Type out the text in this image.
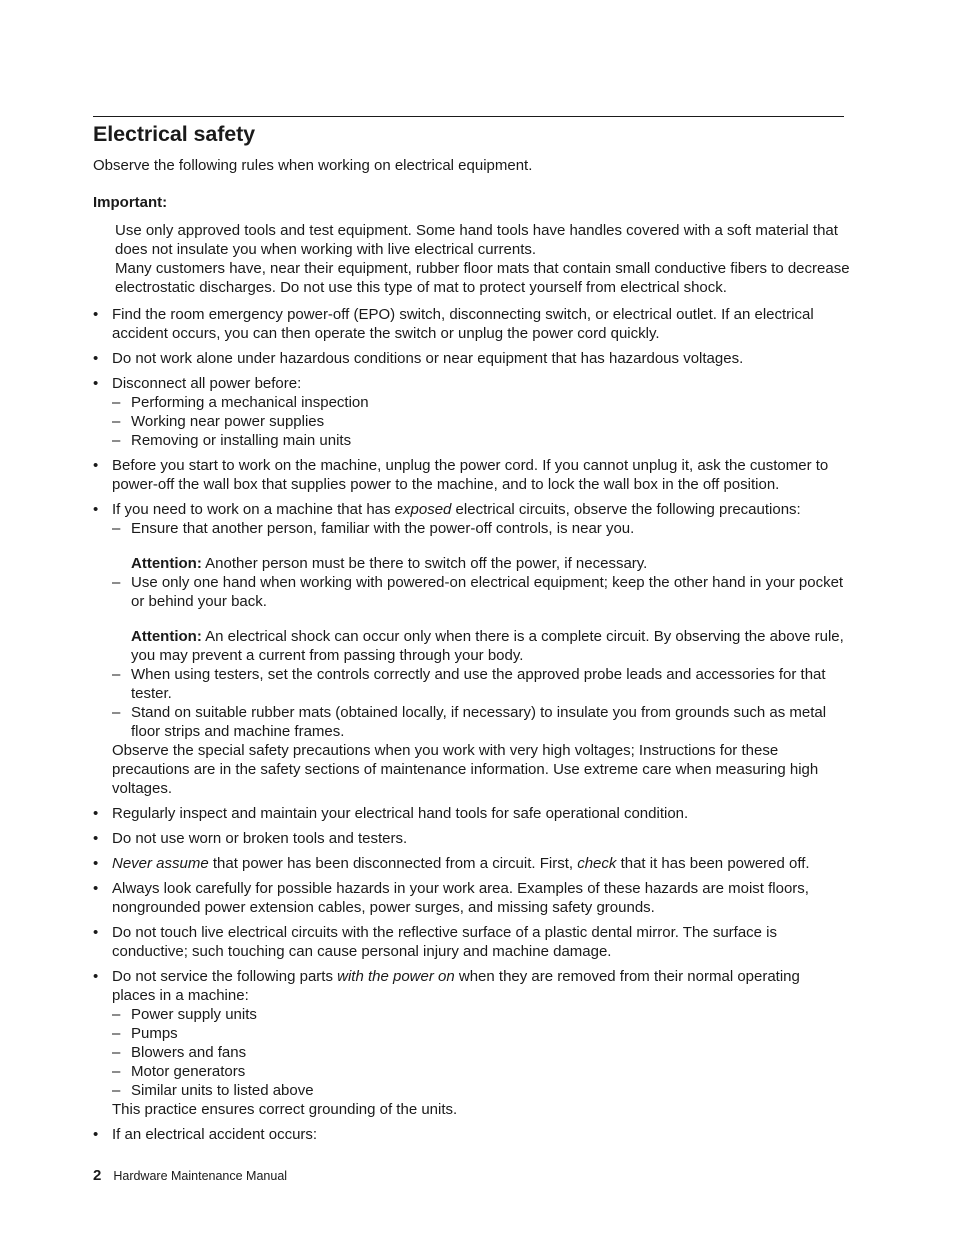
Electrical safety

Observe the following rules when working on electrical equipment.

Important:

Use only approved tools and test equipment. Some hand tools have handles covered with a soft material that does not insulate you when working with live electrical currents.

Many customers have, near their equipment, rubber floor mats that contain small conductive fibers to decrease electrostatic discharges. Do not use this type of mat to protect yourself from electrical shock.

• Find the room emergency power-off (EPO) switch, disconnecting switch, or electrical outlet. If an electrical accident occurs, you can then operate the switch or unplug the power cord quickly.
• Do not work alone under hazardous conditions or near equipment that has hazardous voltages.
• Disconnect all power before:
– Performing a mechanical inspection
– Working near power supplies
– Removing or installing main units
• Before you start to work on the machine, unplug the power cord. If you cannot unplug it, ask the customer to power-off the wall box that supplies power to the machine, and to lock the wall box in the off position.
• If you need to work on a machine that has exposed electrical circuits, observe the following precautions:
– Ensure that another person, familiar with the power-off controls, is near you.

Attention: Another person must be there to switch off the power, if necessary.

– Use only one hand when working with powered-on electrical equipment; keep the other hand in your pocket or behind your back.

Attention: An electrical shock can occur only when there is a complete circuit. By observing the above rule, you may prevent a current from passing through your body.

– When using testers, set the controls correctly and use the approved probe leads and accessories for that tester.
– Stand on suitable rubber mats (obtained locally, if necessary) to insulate you from grounds such as metal floor strips and machine frames.

Observe the special safety precautions when you work with very high voltages; Instructions for these precautions are in the safety sections of maintenance information. Use extreme care when measuring high voltages.

• Regularly inspect and maintain your electrical hand tools for safe operational condition.
• Do not use worn or broken tools and testers.
• Never assume that power has been disconnected from a circuit. First, check that it has been powered off.
• Always look carefully for possible hazards in your work area. Examples of these hazards are moist floors, nongrounded power extension cables, power surges, and missing safety grounds.
• Do not touch live electrical circuits with the reflective surface of a plastic dental mirror. The surface is conductive; such touching can cause personal injury and machine damage.
• Do not service the following parts with the power on when they are removed from their normal operating places in a machine:
– Power supply units
– Pumps
– Blowers and fans
– Motor generators
– Similar units to listed above

This practice ensures correct grounding of the units.

• If an electrical accident occurs:
2 Hardware Maintenance Manual
